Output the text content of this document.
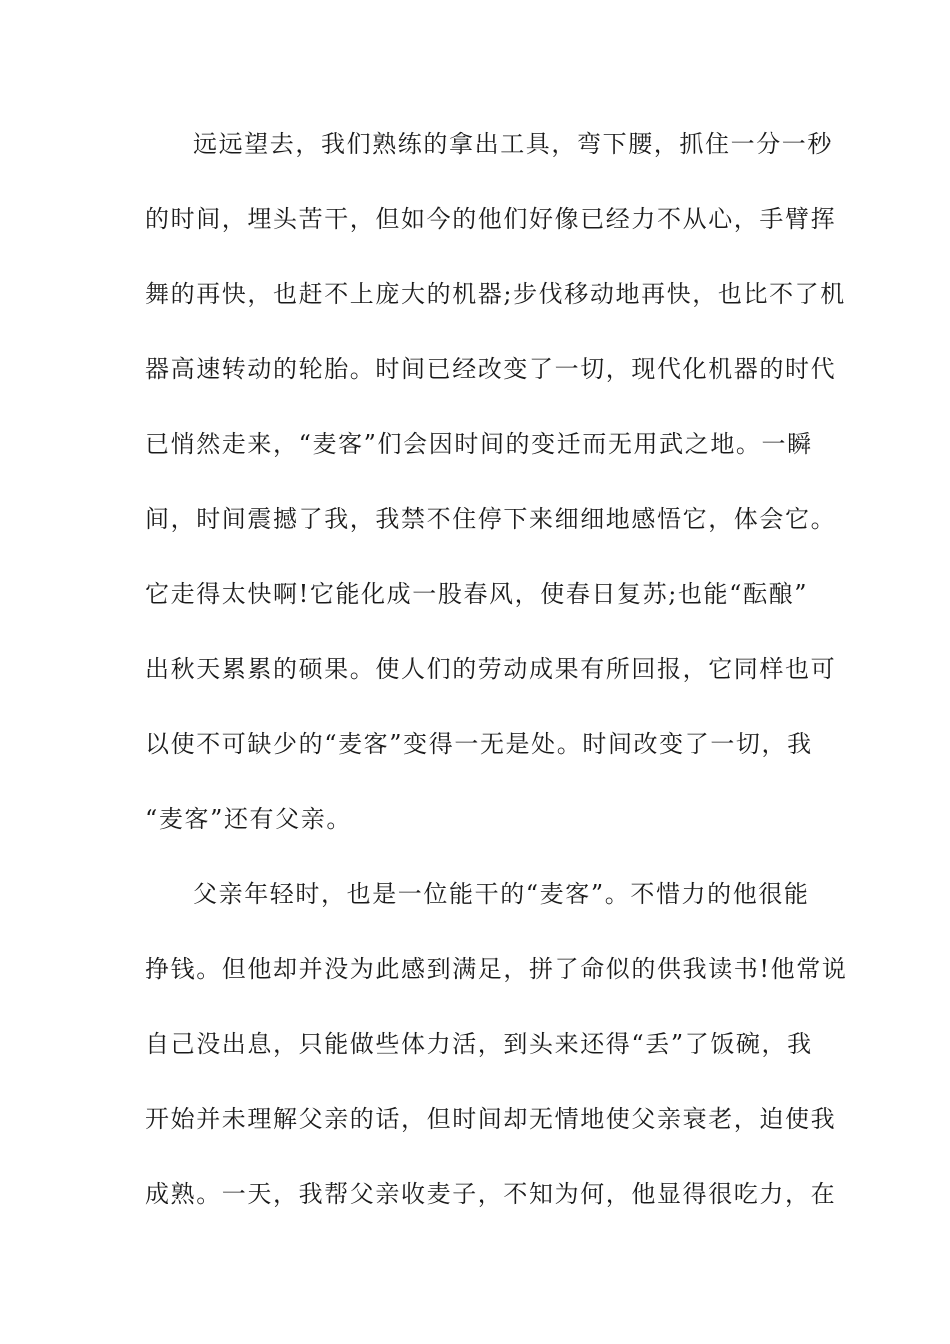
远远望去，我们熟练的拿出工具，弯下腰，抓住一分一秒
的时间，埋头苦干，但如今的他们好像已经力不从心，手臂挥
舞的再快，也赶不上庞大的机器;步伐移动地再快，也比不了机
器高速转动的轮胎。时间已经改变了一切，现代化机器的时代
已悄然走来，“麦客”们会因时间的变迁而无用武之地。一瞬
间，时间震撼了我，我禁不住停下来细细地感悟它，体会它。
它走得太快啊!它能化成一股春风，使春日复苏;也能“酝酿”
出秋天累累的硕果。使人们的劳动成果有所回报，它同样也可
以使不可缺少的“麦客”变得一无是处。时间改变了一切，我
“麦客”还有父亲。
父亲年轻时，也是一位能干的“麦客”。不惜力的他很能
挣钱。但他却并没为此感到满足，拼了命似的供我读书!他常说
自己没出息，只能做些体力活，到头来还得“丢”了饭碗，我
开始并未理解父亲的话，但时间却无情地使父亲衰老，迫使我
成熟。一天，我帮父亲收麦子，不知为何，他显得很吃力，在
